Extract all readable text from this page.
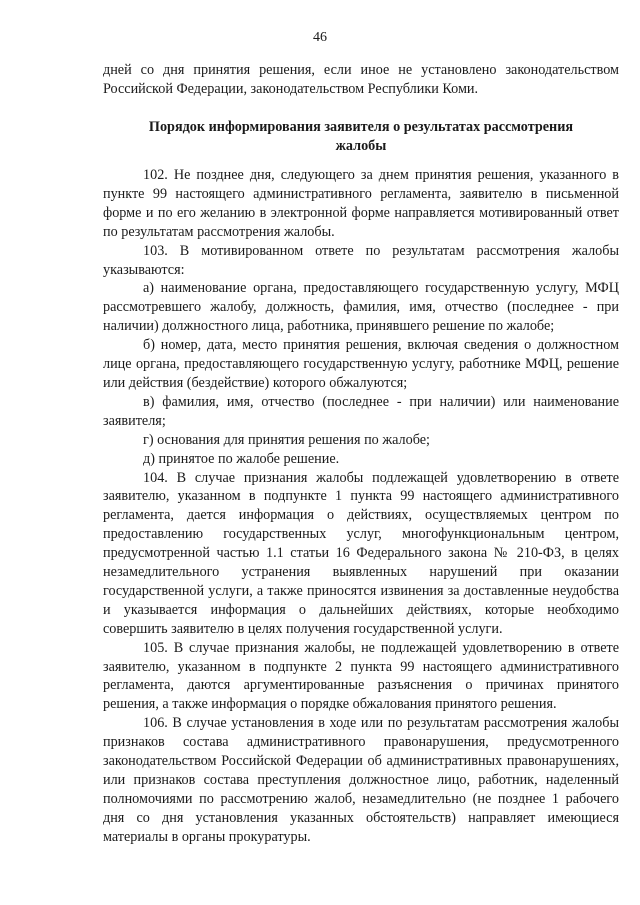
46

дней со дня принятия решения, если иное не установлено законодательством Российской Федерации, законодательством Республики Коми.

Порядок информирования заявителя о результатах рассмотрения
жалобы

102. Не позднее дня, следующего за днем принятия решения, указанного в пункте 99 настоящего административного регламента, заявителю в письменной форме и по его желанию в электронной форме направляется мотивированный ответ по результатам рассмотрения жалобы.

103. В мотивированном ответе по результатам рассмотрения жалобы указываются:

а) наименование органа, предоставляющего государственную услугу, МФЦ рассмотревшего жалобу, должность, фамилия, имя, отчество (последнее - при наличии) должностного лица, работника, принявшего решение по жалобе;

б) номер, дата, место принятия решения, включая сведения о должностном лице органа, предоставляющего государственную услугу, работнике МФЦ, решение или действия (бездействие) которого обжалуются;

в) фамилия, имя, отчество (последнее - при наличии) или наименование заявителя;

г) основания для принятия решения по жалобе;

д) принятое по жалобе решение.

104. В случае признания жалобы подлежащей удовлетворению в ответе заявителю, указанном в подпункте 1 пункта 99 настоящего административного регламента, дается информация о действиях, осуществляемых центром по предоставлению государственных услуг, многофункциональным центром, предусмотренной частью 1.1 статьи 16 Федерального закона № 210-ФЗ, в целях незамедлительного устранения выявленных нарушений при оказании государственной услуги, а также приносятся извинения за доставленные неудобства и указывается информация о дальнейших действиях, которые необходимо совершить заявителю в целях получения государственной услуги.

105. В случае признания жалобы, не подлежащей удовлетворению в ответе заявителю, указанном в подпункте 2 пункта 99 настоящего административного регламента, даются аргументированные разъяснения о причинах принятого решения, а также информация о порядке обжалования принятого решения.

106. В случае установления в ходе или по результатам рассмотрения жалобы признаков состава административного правонарушения, предусмотренного законодательством Российской Федерации об административных правонарушениях, или признаков состава преступления должностное лицо, работник, наделенный полномочиями по рассмотрению жалоб, незамедлительно (не позднее 1 рабочего дня со дня установления указанных обстоятельств) направляет имеющиеся материалы в органы прокуратуры.
